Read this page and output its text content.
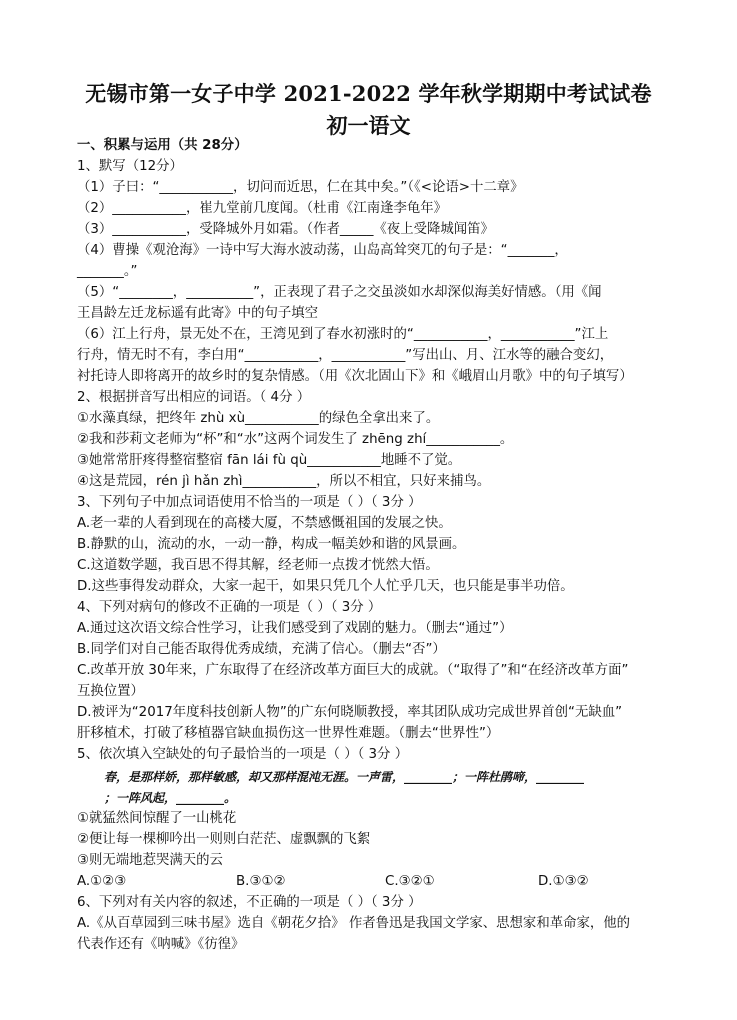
无锡市第一女子中学 2021-2022 学年秋学期期中考试试卷
初一语文
一、积累与运用（共 28分）
1、默写（12分）
（1）子曰：“___________，切问而近思，仁在其中矣。”（《<论语>十二章》
（2）___________，崔九堂前几度闻。（杜甫《江南逢李龟年》
（3）___________，受降城外月如霜。（作者_____《夜上受降城闻笛》
（4）曹操《观沧海》一诗中写大海水波动荡，山岛高耸突兀的句子是：“_______，
_______。”
（5）“________，__________”，正表现了君子之交虽淡如水却深似海美好情感。（用《闻
王昌龄左迁龙标遥有此寄》中的句子填空
（6）江上行舟，景无处不在，王湾见到了春水初涨时的“___________，___________”江上
行舟，情无时不有，李白用“___________，___________”写出山、月、江水等的融合变幻，
衬托诗人即将离开的故乡时的复杂情感。（用《次北固山下》和《峨眉山月歌》中的句子填写）
2、根据拼音写出相应的词语。（ 4分 ）
①水藻真绿，把终年 zhù xù___________的绿色全拿出来了。
②我和莎莉文老师为“杯”和“水”这两个词发生了 zhēng zhí___________。
③她常常肝疼得整宿整宿 fān lái fù qù___________地睡不了觉。
④这是荒园，rén jì hǎn zhì___________，所以不相宜，只好来捕鸟。
3、下列句子中加点词语使用不恰当的一项是（ ）（ 3分 ）
A.老一辈的人看到现在的高楼大厦，不禁感慨祖国的发展之快。
B.静默的山，流动的水，一动一静，构成一幅美妙和谐的风景画。
C.这道数学题，我百思不得其解，经老师一点拨才恍然大悟。
D.这些事得发动群众，大家一起干，如果只凭几个人忙乎几天，也只能是事半功倍。
4、下列对病句的修改不正确的一项是（ ）（ 3分 ）
A.通过这次语文综合性学习，让我们感受到了戏剧的魅力。（删去“通过”）
B.同学们对自己能否取得优秀成绩，充满了信心。（删去“否”）
C.改革开放 30年来，广东取得了在经济改革方面巨大的成就。（“取得了”和“在经济改革方面”
互换位置）
D.被评为“2017年度科技创新人物”的广东何晓顺教授，率其团队成功完成世界首创“无缺血”
肝移植术，打破了移植器官缺血损伤这一世界性难题。（删去“世界性”）
5、依次填入空缺处的句子最恰当的一项是（ ）（ 3分 ）
春，是那样娇，那样敏感，却又那样混沌无涯。一声雷，________；一阵杜鹃啼，________
；一阵风起，________。
①就猛然间惊醒了一山桃花
②便让每一棵柳吟出一则则白茫茫、虚飘飘的飞絮
③则无端地惹哭满天的云
A.①②③	B.③①②	C.③②①	D.①③②
6、下列对有关内容的叙述，不正确的一项是（ ）（ 3分 ）
A.《从百草园到三味书屋》选自《朝花夕拾》 作者鲁迅是我国文学家、思想家和革命家，他的
代表作还有《呐喊》《彷徨》
